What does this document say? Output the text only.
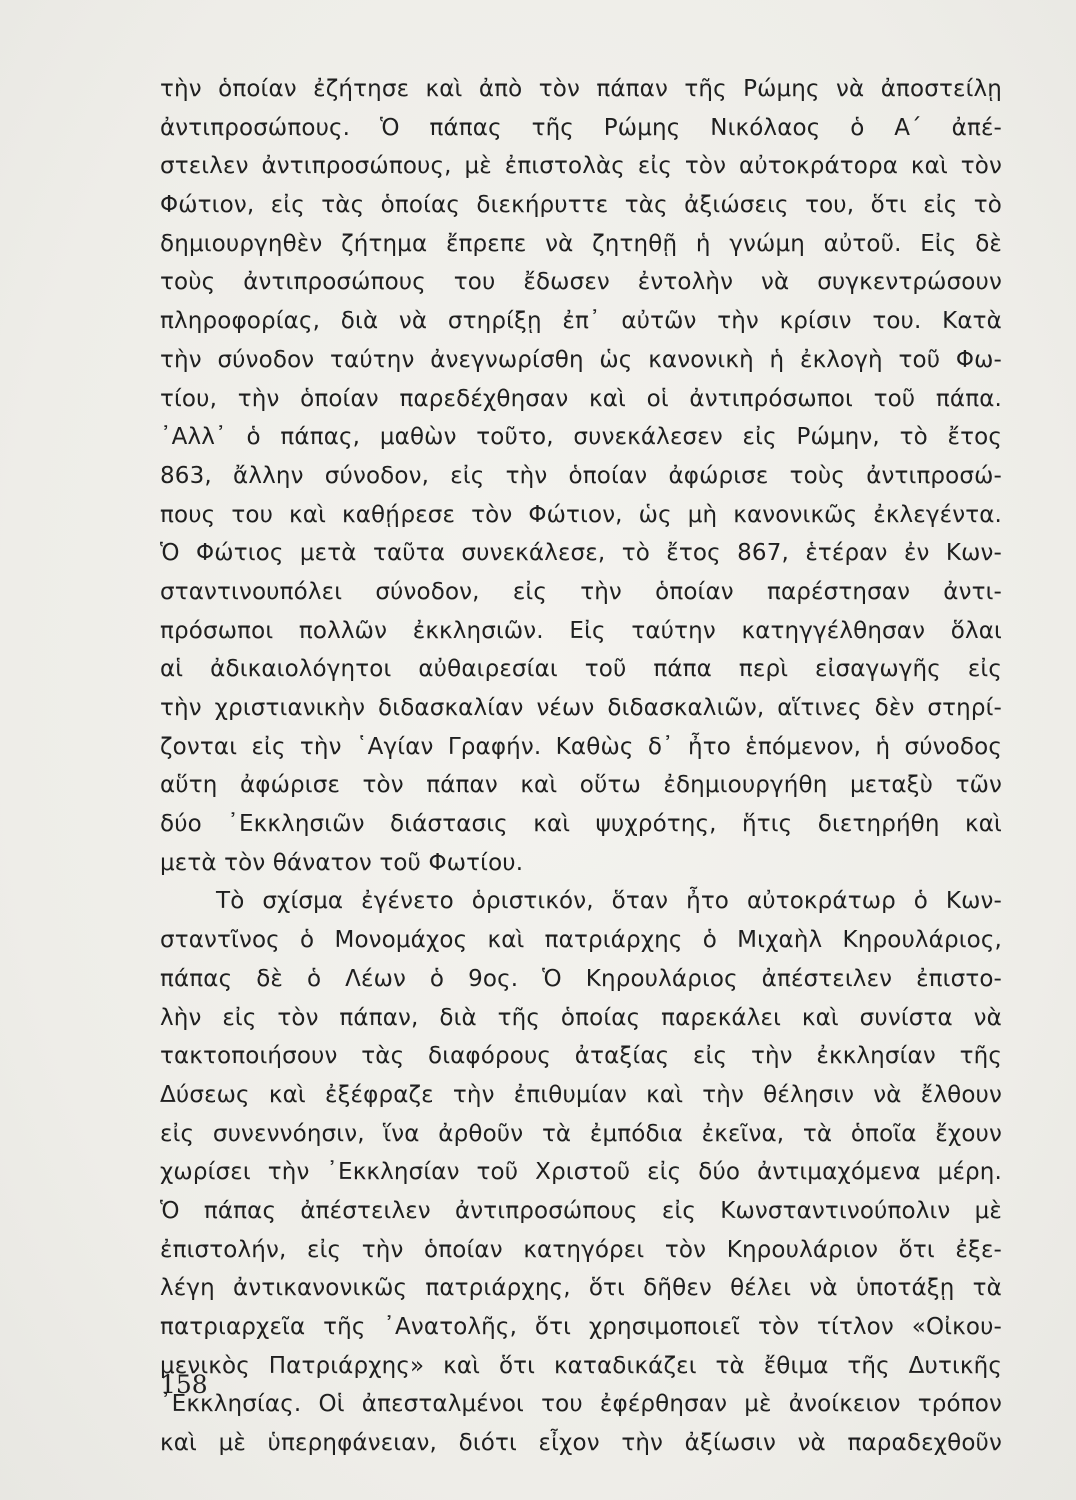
τὴν ὁποίαν ἐζήτησε καὶ ἀπὸ τὸν πάπαν τῆς Ρώμης νὰ ἀποστείλῃ
ἀντιπροσώπους. Ὁ πάπας τῆς Ρώμης Νικόλαος ὁ Α΄ ἀπέ-
στειλεν ἀντιπροσώπους, μὲ ἐπιστολὰς εἰς τὸν αὐτοκράτορα καὶ τὸν
Φώτιον, εἰς τὰς ὁποίας διεκήρυττε τὰς ἀξιώσεις του, ὅτι εἰς τὸ
δημιουργηθὲν ζήτημα ἔπρεπε νὰ ζητηθῇ ἡ γνώμη αὐτοῦ. Εἰς δὲ
τοὺς ἀντιπροσώπους του ἔδωσεν ἐντολὴν νὰ συγκεντρώσουν
πληροφορίας, διὰ νὰ στηρίξῃ ἐπ᾿ αὐτῶν τὴν κρίσιν του. Κατὰ
τὴν σύνοδον ταύτην ἀνεγνωρίσθη ὡς κανονικὴ ἡ ἐκλογὴ τοῦ Φω-
τίου, τὴν ὁποίαν παρεδέχθησαν καὶ οἱ ἀντιπρόσωποι τοῦ πάπα.
᾿Αλλ᾿ ὁ πάπας, μαθὼν τοῦτο, συνεκάλεσεν εἰς Ρώμην, τὸ ἔτος
863, ἄλλην σύνοδον, εἰς τὴν ὁποίαν ἀφώρισε τοὺς ἀντιπροσώ-
πους του καὶ καθῄρεσε τὸν Φώτιον, ὡς μὴ κανονικῶς ἐκλεγέντα.
Ὁ Φώτιος μετὰ ταῦτα συνεκάλεσε, τὸ ἔτος 867, ἑτέραν ἐν Κων-
σταντινουπόλει σύνοδον, εἰς τὴν ὁποίαν παρέστησαν ἀντι-
πρόσωποι πολλῶν ἐκκλησιῶν. Εἰς ταύτην κατηγγέλθησαν ὅλαι
αἱ ἀδικαιολόγητοι αὐθαιρεσίαι τοῦ πάπα περὶ εἰσαγωγῆς εἰς
τὴν χριστιανικὴν διδασκαλίαν νέων διδασκαλιῶν, αἵτινες δὲν στηρί-
ζονται εἰς τὴν ῾Αγίαν Γραφήν. Καθὼς δ᾿ ἦτο ἑπόμενον, ἡ σύνοδος
αὕτη ἀφώρισε τὸν πάπαν καὶ οὕτω ἐδημιουργήθη μεταξὺ τῶν
δύο ᾿Εκκλησιῶν διάστασις καὶ ψυχρότης, ἥτις διετηρήθη καὶ
μετὰ τὸν θάνατον τοῦ Φωτίου.
Τὸ σχίσμα ἐγένετο ὁριστικόν, ὅταν ἦτο αὐτοκράτωρ ὁ Κων-
σταντῖνος ὁ Μονομάχος καὶ πατριάρχης ὁ Μιχαὴλ Κηρουλάριος,
πάπας δὲ ὁ Λέων ὁ 9ος. Ὁ Κηρουλάριος ἀπέστειλεν ἐπιστο-
λὴν εἰς τὸν πάπαν, διὰ τῆς ὁποίας παρεκάλει καὶ συνίστα νὰ
τακτοποιήσουν τὰς διαφόρους ἀταξίας εἰς τὴν ἐκκλησίαν τῆς
Δύσεως καὶ ἐξέφραζε τὴν ἐπιθυμίαν καὶ τὴν θέλησιν νὰ ἔλθουν
εἰς συνεννόησιν, ἵνα ἀρθοῦν τὰ ἐμπόδια ἐκεῖνα, τὰ ὁποῖα ἔχουν
χωρίσει τὴν ᾿Εκκλησίαν τοῦ Χριστοῦ εἰς δύο ἀντιμαχόμενα μέρη.
Ὁ πάπας ἀπέστειλεν ἀντιπροσώπους εἰς Κωνσταντινούπολιν μὲ
ἐπιστολήν, εἰς τὴν ὁποίαν κατηγόρει τὸν Κηρουλάριον ὅτι ἐξε-
λέγη ἀντικανονικῶς πατριάρχης, ὅτι δῆθεν θέλει νὰ ὑποτάξῃ τὰ
πατριαρχεῖα τῆς ᾿Ανατολῆς, ὅτι χρησιμοποιεῖ τὸν τίτλον «Οἰκου-
μενικὸς Πατριάρχης» καὶ ὅτι καταδικάζει τὰ ἔθιμα τῆς Δυτικῆς
᾿Εκκλησίας. Οἱ ἀπεσταλμένοι του ἐφέρθησαν μὲ ἀνοίκειον τρόπον
καὶ μὲ ὑπερηφάνειαν, διότι εἶχον τὴν ἀξίωσιν νὰ παραδεχθοῦν
158
